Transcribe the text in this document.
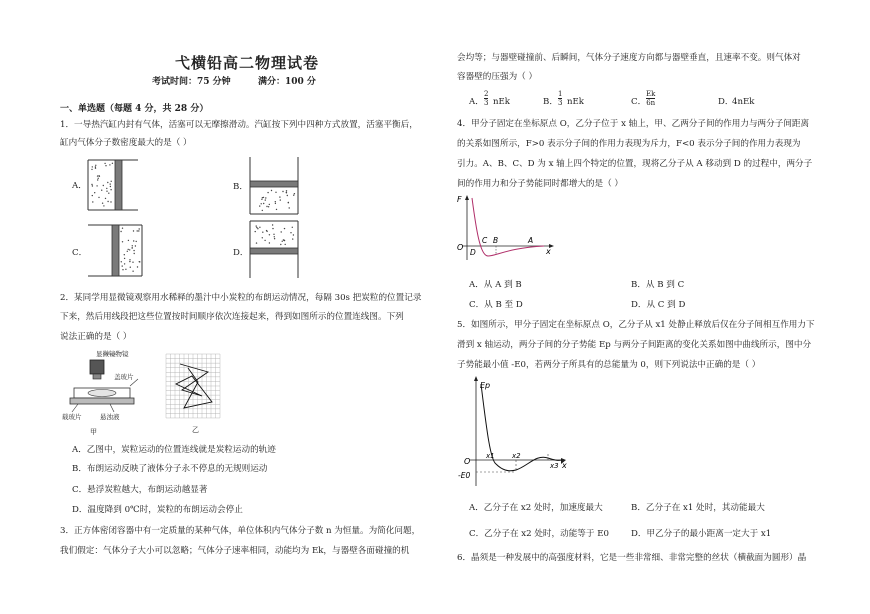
弋横铅高二物理试卷
考试时间：75 分钟	满分：100 分
一、单选题（每题 4 分，共 28 分）
1．一导热汽缸内封有气体，活塞可以无摩擦滑动。汽缸按下列中四种方式放置，活塞平衡后，
缸内气体分子数密度最大的是（ ）
A．	B．
C．	D．
2．某同学用显微镜观察用水稀释的墨汁中小炭粒的布朗运动情况，每隔 30s 把炭粒的位置记录
下来，然后用线段把这些位置按时间顺序依次连接起来，得到如图所示的位置连线图。下列
说法正确的是（ ）
显微镜物镜
盖玻片
载玻片	悬浊液
甲	乙
A．乙图中，炭粒运动的位置连线就是炭粒运动的轨迹
B．布朗运动反映了液体分子永不停息的无规则运动
C．悬浮炭粒越大，布朗运动越显著
D．温度降到 0℃时，炭粒的布朗运动会停止
3．正方体密闭容器中有一定质量的某种气体，单位体积内气体分子数 n 为恒量。为简化问题，
我们假定：气体分子大小可以忽略；气体分子速率相同，动能均为 Ek，与器壁各面碰撞的机
会均等；与器壁碰撞前、后瞬间，气体分子速度方向都与器壁垂直，且速率不变。则气体对
容器壁的压强为（ ）
A． $\frac{2}{3}$ nEk	B． $\frac{1}{3}$ nEk	C． $\frac{Ek}{6n}$	D．
4nEk
4．甲分子固定在坐标原点 O，乙分子位于 x 轴上，甲、乙两分子间的作用力与两分子间距离
的关系如图所示，F>0 表示分子间的作用力表现为斥力，F<0 表示分子间的作用力表现为
引力。A、B、C、D 为 x 轴上四个特定的位置，现将乙分子从 A 移动到 D 的过程中，两分子
间的作用力和分子势能同时都增大的是（ ）
F
O	x
C B	A
D
A．从 A 到 B	B．从 B 到 C
C．从 B 至 D	D．从 C 到 D
5．如图所示，甲分子固定在坐标原点 O，乙分子从 x1 处静止释放后仅在分子间相互作用力下
滑到 x 轴运动，两分子间的分子势能 Ep 与两分子间距离的变化关系如图中曲线所示，图中分
子势能最小值 -E0，若两分子所具有的总能量为 0，则下列说法中正确的是（ ）
Ep
O
-E0
x
x1 x2
x3
A．乙分子在 x2 处时，加速度最大	B．乙分子在 x1 处时，其动能最大
C．乙分子在 x2 处时，动能等于 E0	D．甲乙分子的最小距离一定大于 x1
6．晶须是一种发展中的高强度材料，它是一些非常细、非常完整的丝状（横截面为圆形）晶
